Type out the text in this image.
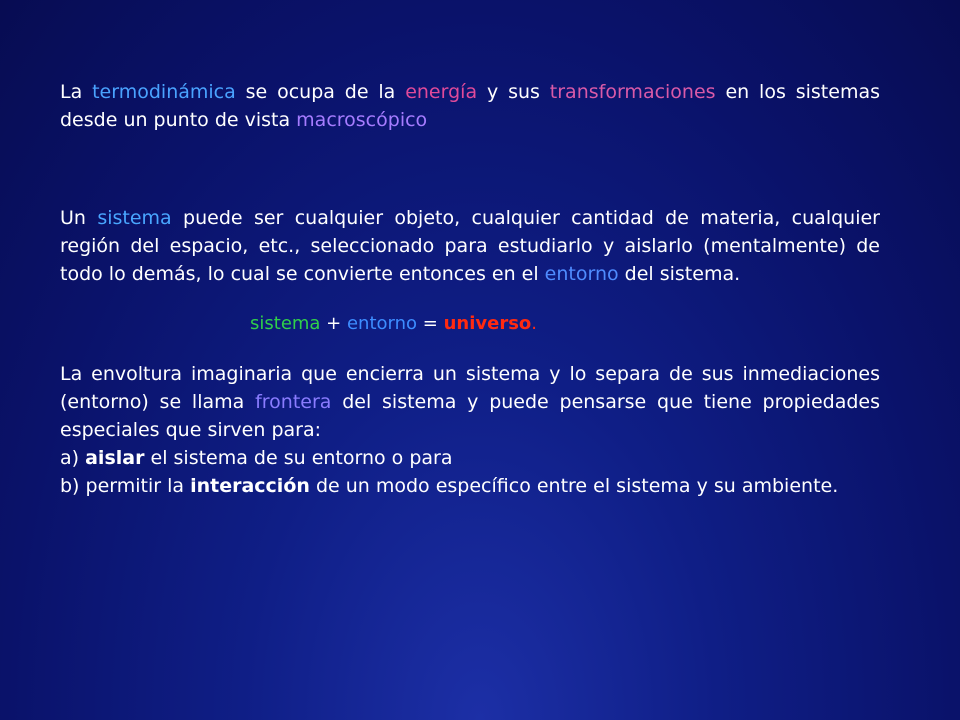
La termodinámica se ocupa de la energía y sus transformaciones en los sistemas desde un punto de vista macroscópico

Un sistema puede ser cualquier objeto, cualquier cantidad de materia, cualquier región del espacio, etc., seleccionado para estudiarlo y aislarlo (mentalmente) de todo lo demás, lo cual se convierte entonces en el entorno del sistema.

sistema + entorno = universo.

La envoltura imaginaria que encierra un sistema y lo separa de sus inmediaciones (entorno) se llama frontera del sistema y puede pensarse que tiene propiedades especiales que sirven para:

a) aislar el sistema de su entorno o para

b) permitir la interacción de un modo específico entre el sistema y su ambiente.
